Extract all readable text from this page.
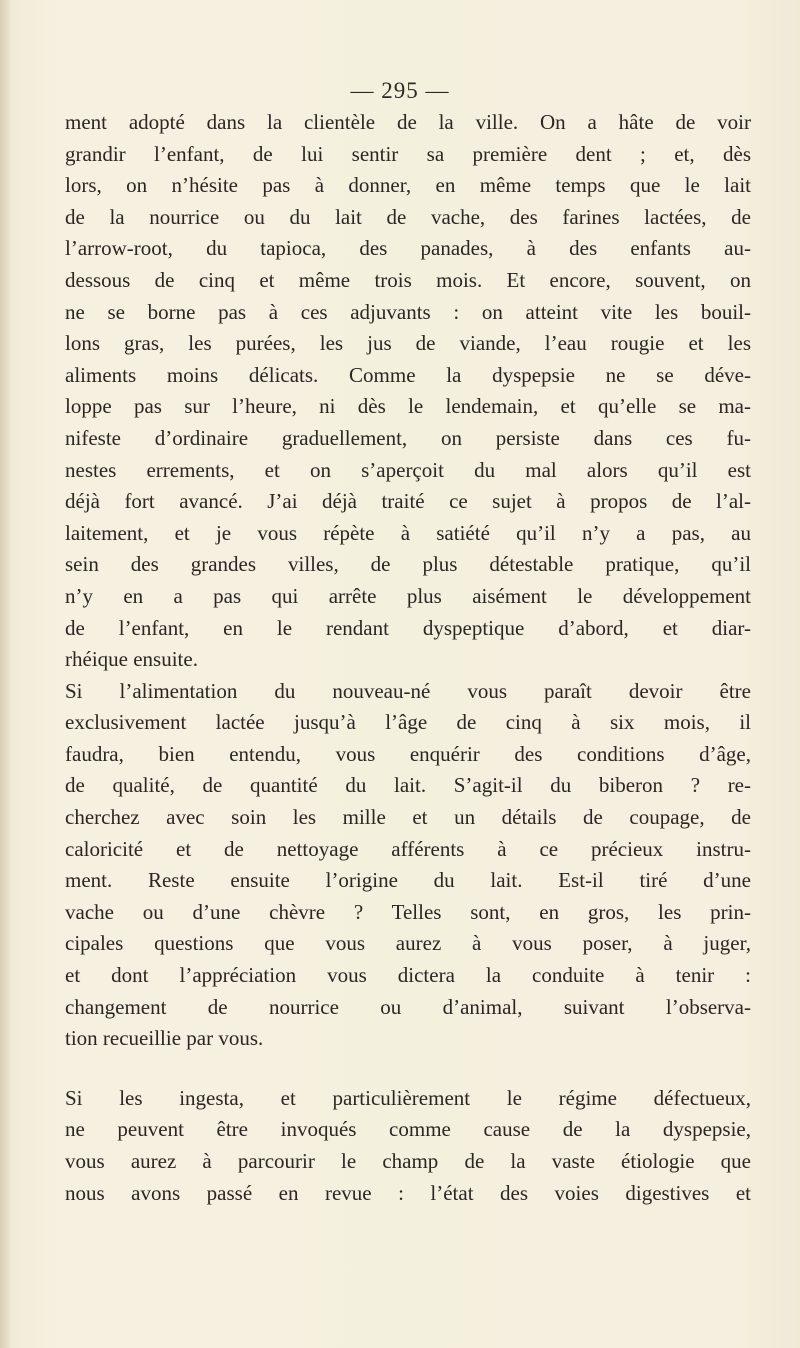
— 295 —
ment adopté dans la clientèle de la ville. On a hâte de voir
grandir l’enfant, de lui sentir sa première dent ; et, dès
lors, on n’hésite pas à donner, en même temps que le lait
de la nourrice ou du lait de vache, des farines lactées, de
l’arrow-root, du tapioca, des panades, à des enfants au-
dessous de cinq et même trois mois. Et encore, souvent, on
ne se borne pas à ces adjuvants : on atteint vite les bouil-
lons gras, les purées, les jus de viande, l’eau rougie et les
aliments moins délicats. Comme la dyspepsie ne se déve-
loppe pas sur l’heure, ni dès le lendemain, et qu’elle se ma-
nifeste d’ordinaire graduellement, on persiste dans ces fu-
nestes errements, et on s’aperçoit du mal alors qu’il est
déjà fort avancé. J’ai déjà traité ce sujet à propos de l’al-
laitement, et je vous répète à satiété qu’il n’y a pas, au
sein des grandes villes, de plus détestable pratique, qu’il
n’y en a pas qui arrête plus aisément le développement
de l’enfant, en le rendant dyspeptique d’abord, et diar-
rhéique ensuite.
Si l’alimentation du nouveau-né vous paraît devoir être
exclusivement lactée jusqu’à l’âge de cinq à six mois, il
faudra, bien entendu, vous enquérir des conditions d’âge,
de qualité, de quantité du lait. S’agit-il du biberon ? re-
cherchez avec soin les mille et un détails de coupage, de
caloricité et de nettoyage afférents à ce précieux instru-
ment. Reste ensuite l’origine du lait. Est-il tiré d’une
vache ou d’une chèvre ? Telles sont, en gros, les prin-
cipales questions que vous aurez à vous poser, à juger,
et dont l’appréciation vous dictera la conduite à tenir :
changement de nourrice ou d’animal, suivant l’observa-
tion recueillie par vous.
Si les ingesta, et particulièrement le régime défectueux,
ne peuvent être invoqués comme cause de la dyspepsie,
vous aurez à parcourir le champ de la vaste étiologie que
nous avons passé en revue : l’état des voies digestives et
